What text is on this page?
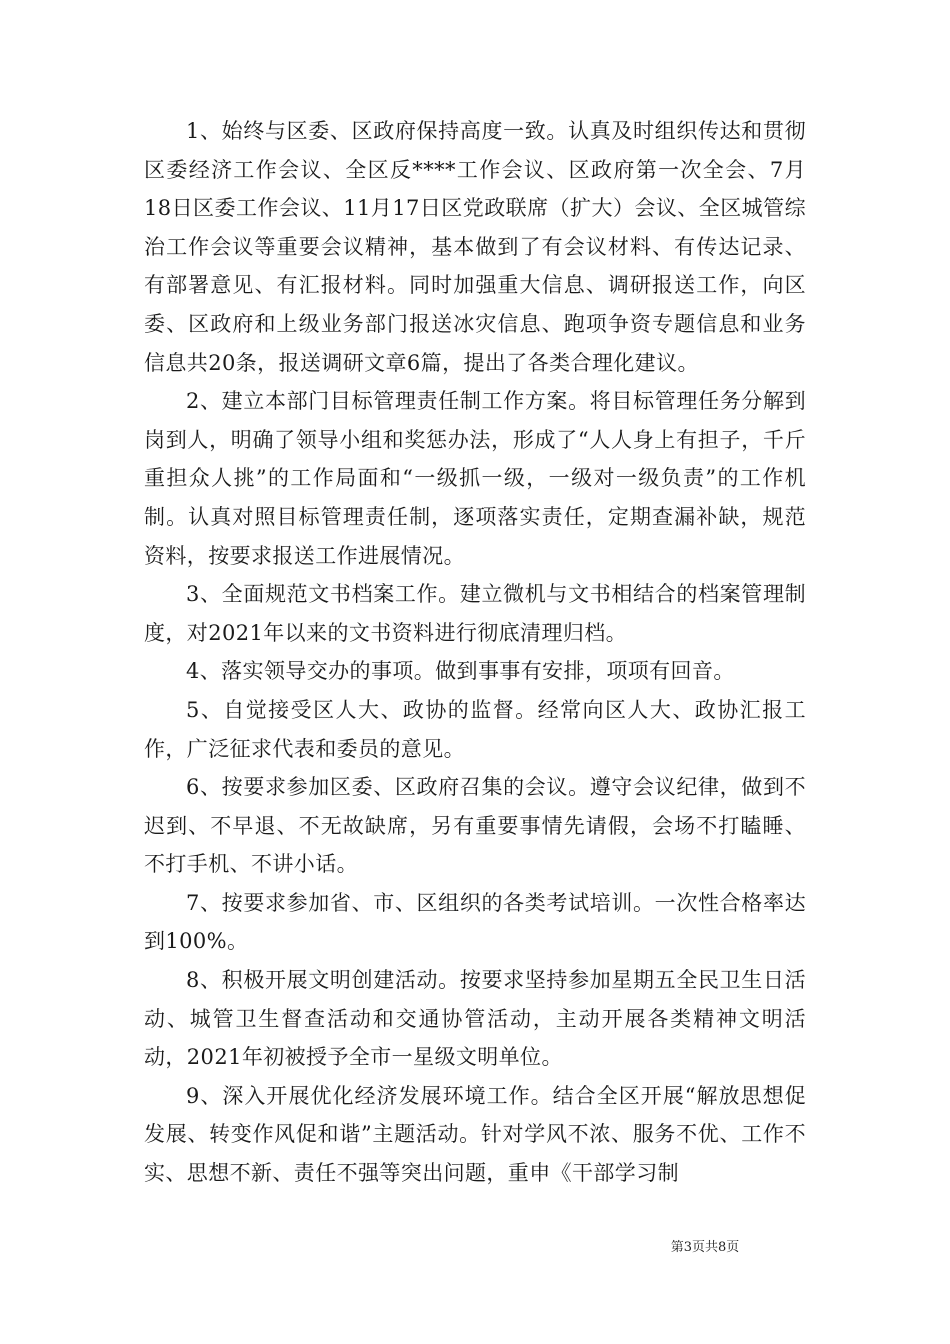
1、始终与区委、区政府保持高度一致。认真及时组织传达和贯彻区委经济工作会议、全区反****工作会议、区政府第一次全会、7月18日区委工作会议、11月17日区党政联席（扩大）会议、全区城管综治工作会议等重要会议精神，基本做到了有会议材料、有传达记录、有部署意见、有汇报材料。同时加强重大信息、调研报送工作，向区委、区政府和上级业务部门报送冰灾信息、跑项争资专题信息和业务信息共20条，报送调研文章6篇，提出了各类合理化建议。

2、建立本部门目标管理责任制工作方案。将目标管理任务分解到岗到人，明确了领导小组和奖惩办法，形成了“人人身上有担子，千斤重担众人挑”的工作局面和“一级抓一级，一级对一级负责”的工作机制。认真对照目标管理责任制，逐项落实责任，定期查漏补缺，规范资料，按要求报送工作进展情况。

3、全面规范文书档案工作。建立微机与文书相结合的档案管理制度，对2021年以来的文书资料进行彻底清理归档。

4、落实领导交办的事项。做到事事有安排，项项有回音。

5、自觉接受区人大、政协的监督。经常向区人大、政协汇报工作，广泛征求代表和委员的意见。

6、按要求参加区委、区政府召集的会议。遵守会议纪律，做到不迟到、不早退、不无故缺席，另有重要事情先请假，会场不打瞌睡、不打手机、不讲小话。

7、按要求参加省、市、区组织的各类考试培训。一次性合格率达到100%。

8、积极开展文明创建活动。按要求坚持参加星期五全民卫生日活动、城管卫生督查活动和交通协管活动，主动开展各类精神文明活动，2021年初被授予全市一星级文明单位。

9、深入开展优化经济发展环境工作。结合全区开展“解放思想促发展、转变作风促和谐”主题活动。针对学风不浓、服务不优、工作不实、思想不新、责任不强等突出问题，重申《干部学习制

第3页共8页
